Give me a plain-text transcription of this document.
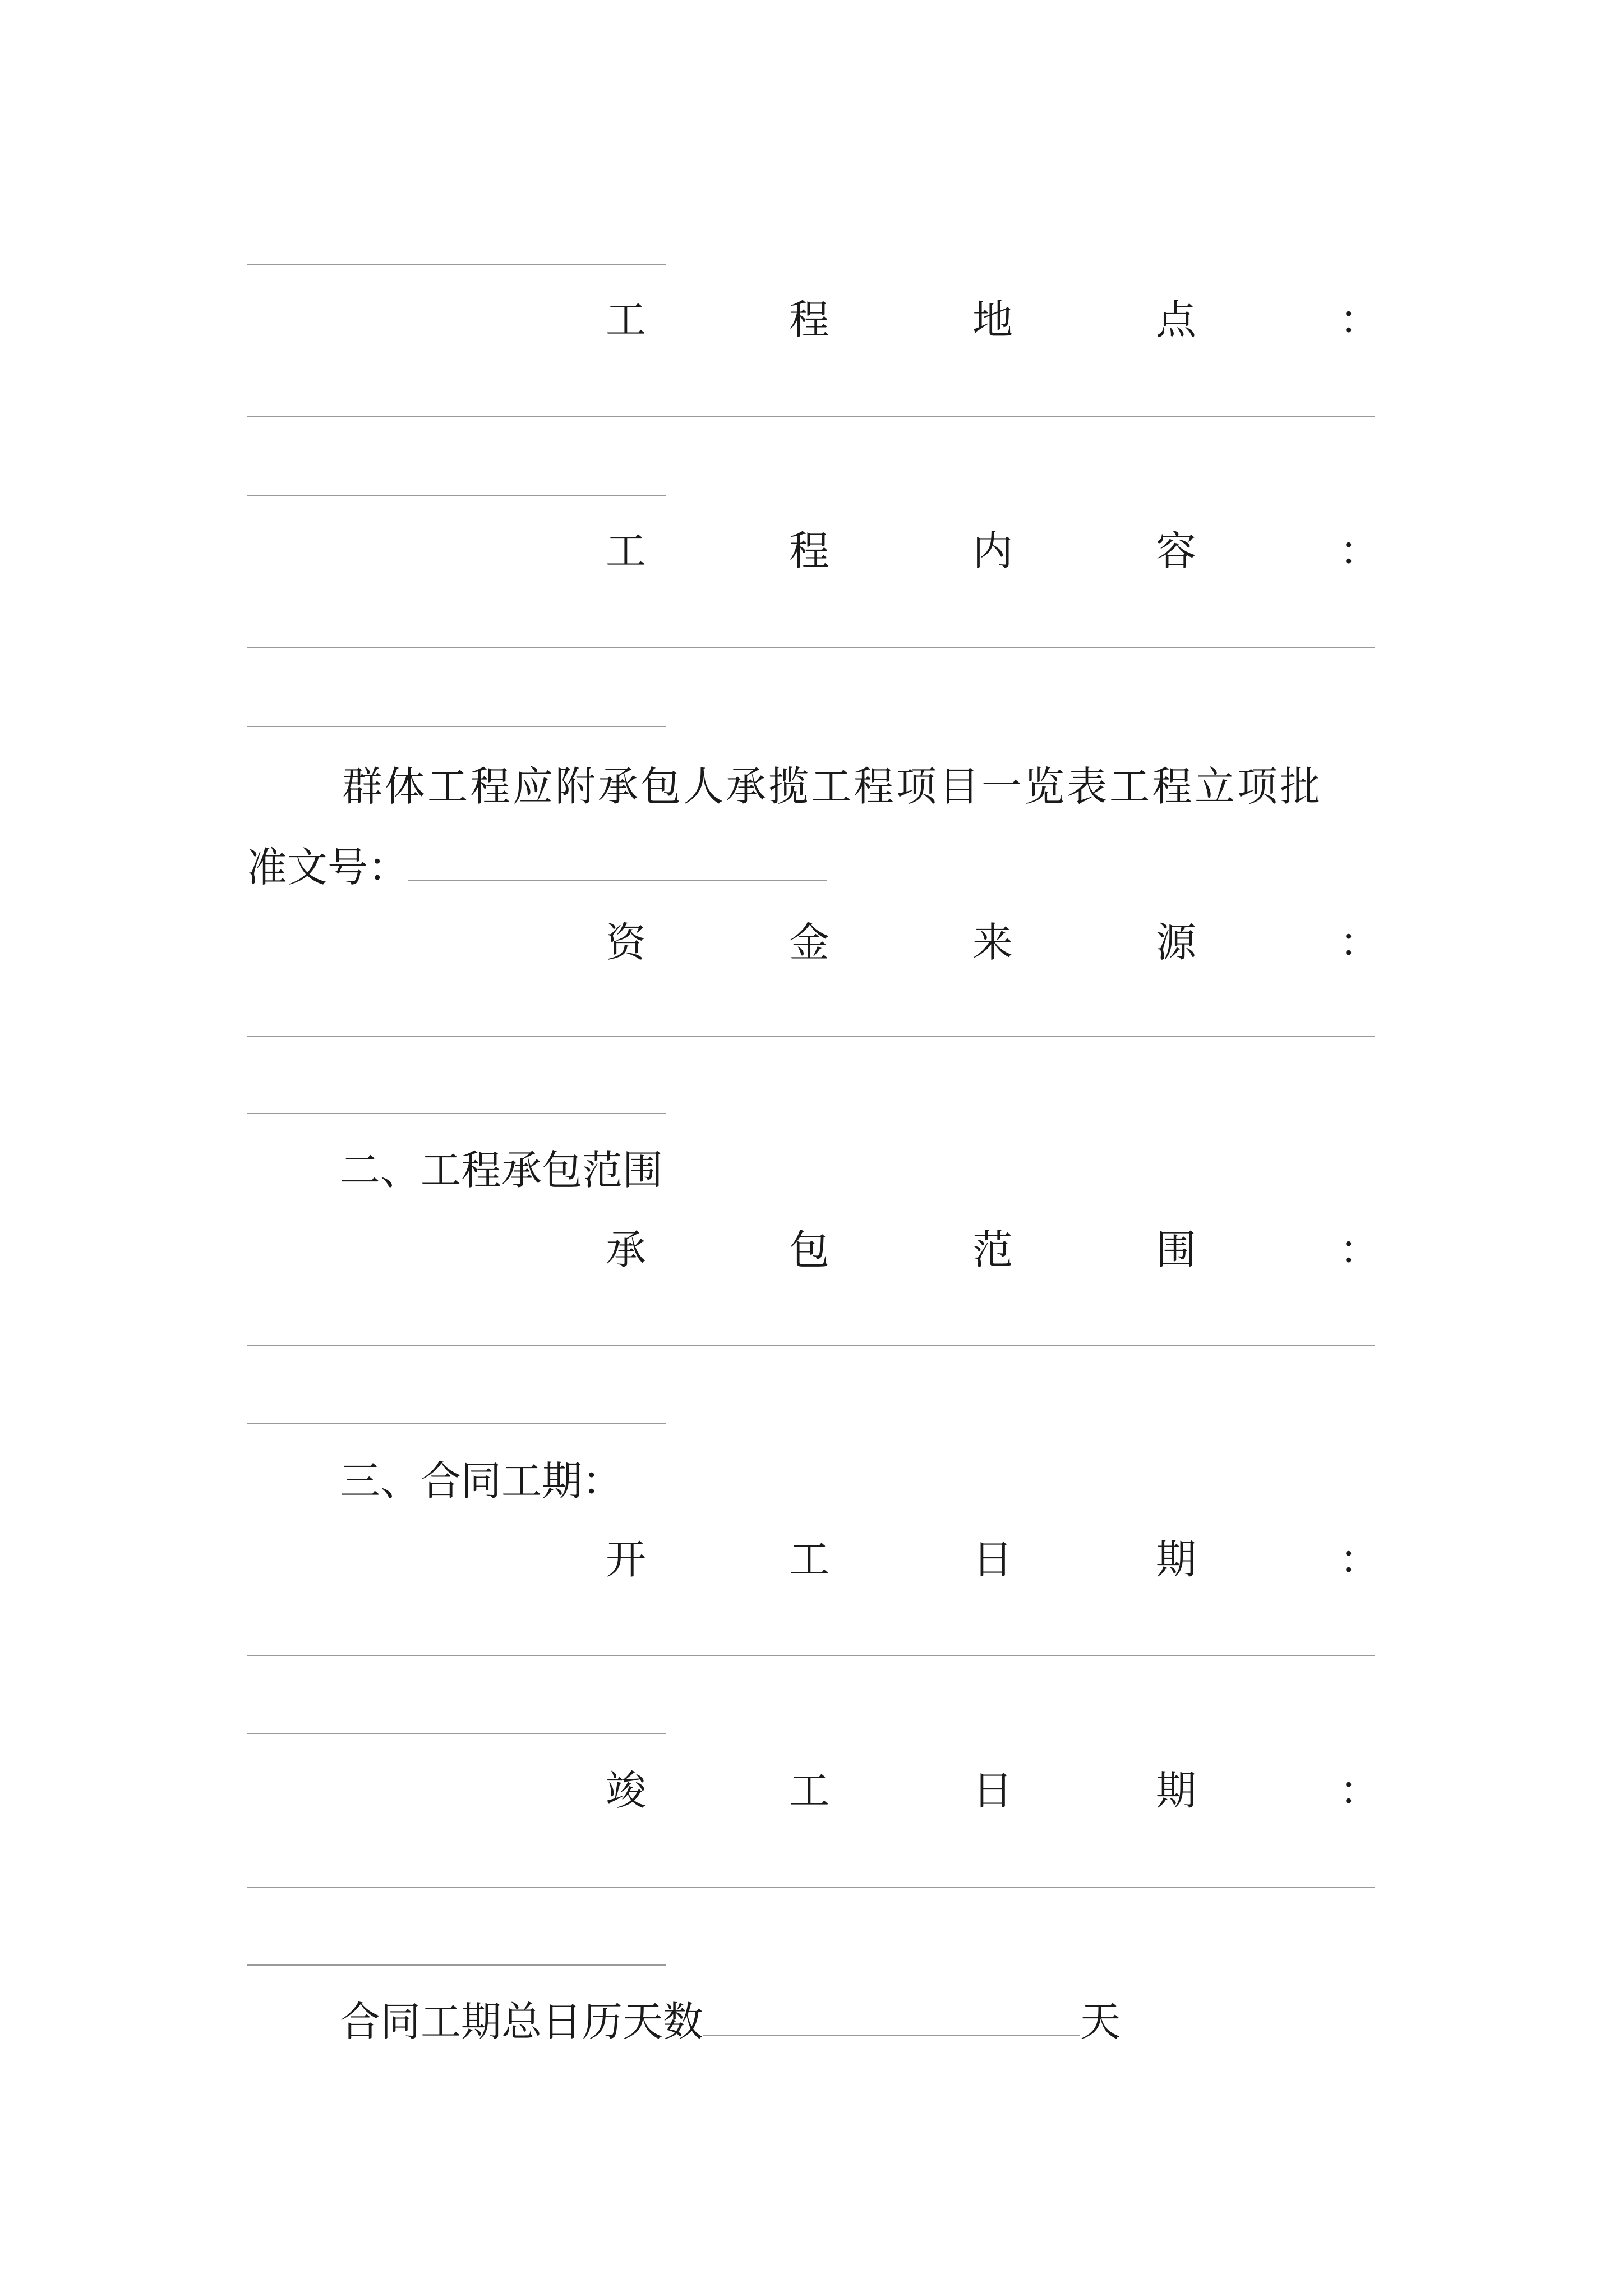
工	程	地	点	：
工	程	内	容	：
群体工程应附承包人承揽工程项目一览表工程立项批
准文号：
资	金	来	源	：
二、工程承包范围
承	包	范	围	：
三、合同工期：
开	工	日	期	：
竣	工	日	期	：
合同工期总日历天数	天
